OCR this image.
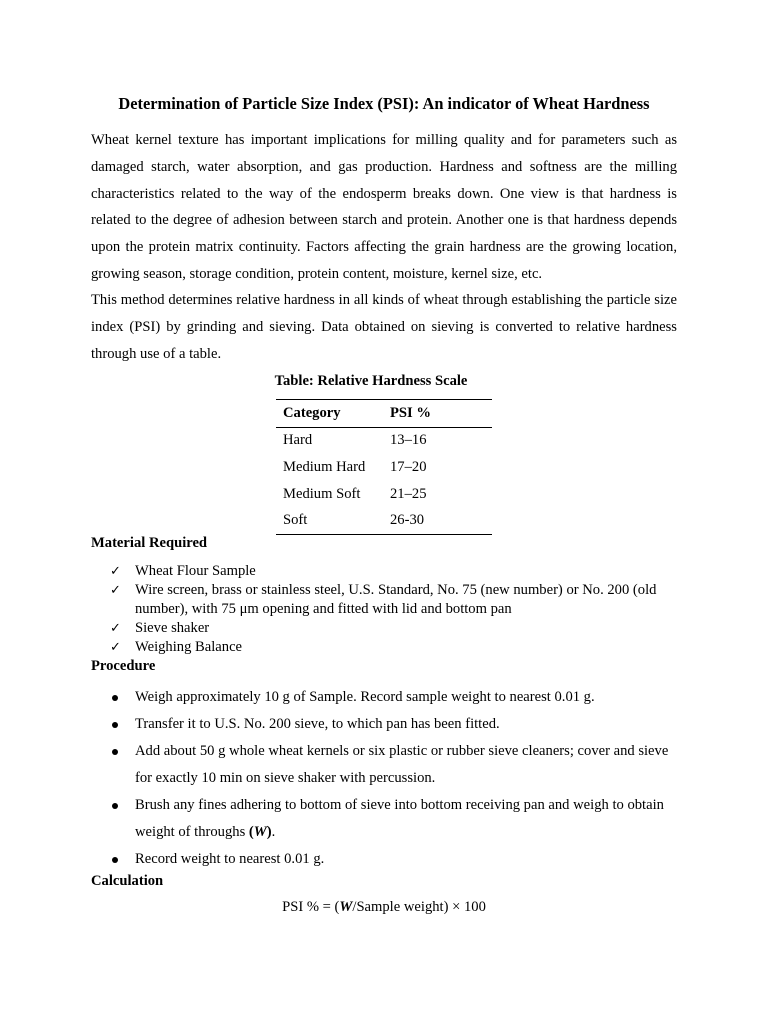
Determination of Particle Size Index (PSI): An indicator of Wheat Hardness

Wheat kernel texture has important implications for milling quality and for parameters such as damaged starch, water absorption, and gas production. Hardness and softness are the milling characteristics related to the way of the endosperm breaks down. One view is that hardness is related to the degree of adhesion between starch and protein. Another one is that hardness depends upon the protein matrix continuity. Factors affecting the grain hardness are the growing location, growing season, storage condition, protein content, moisture, kernel size, etc.

This method determines relative hardness in all kinds of wheat through establishing the particle size index (PSI) by grinding and sieving. Data obtained on sieving is converted to relative hardness through use of a table.

Table: Relative Hardness Scale

Category	PSI %
Hard	13–16
Medium Hard	17–20
Medium Soft	21–25
Soft	26-30

Material Required

✓ Wheat Flour Sample
✓ Wire screen, brass or stainless steel, U.S. Standard, No. 75 (new number) or No. 200 (old number), with 75 μm opening and fitted with lid and bottom pan
✓ Sieve shaker
✓ Weighing Balance

Procedure

Weigh approximately 10 g of Sample. Record sample weight to nearest 0.01 g.
Transfer it to U.S. No. 200 sieve, to which pan has been fitted.
Add about 50 g whole wheat kernels or six plastic or rubber sieve cleaners; cover and sieve for exactly 10 min on sieve shaker with percussion.
Brush any fines adhering to bottom of sieve into bottom receiving pan and weigh to obtain weight of throughs (W).
Record weight to nearest 0.01 g.

Calculation

PSI % = (W/Sample weight) × 100
